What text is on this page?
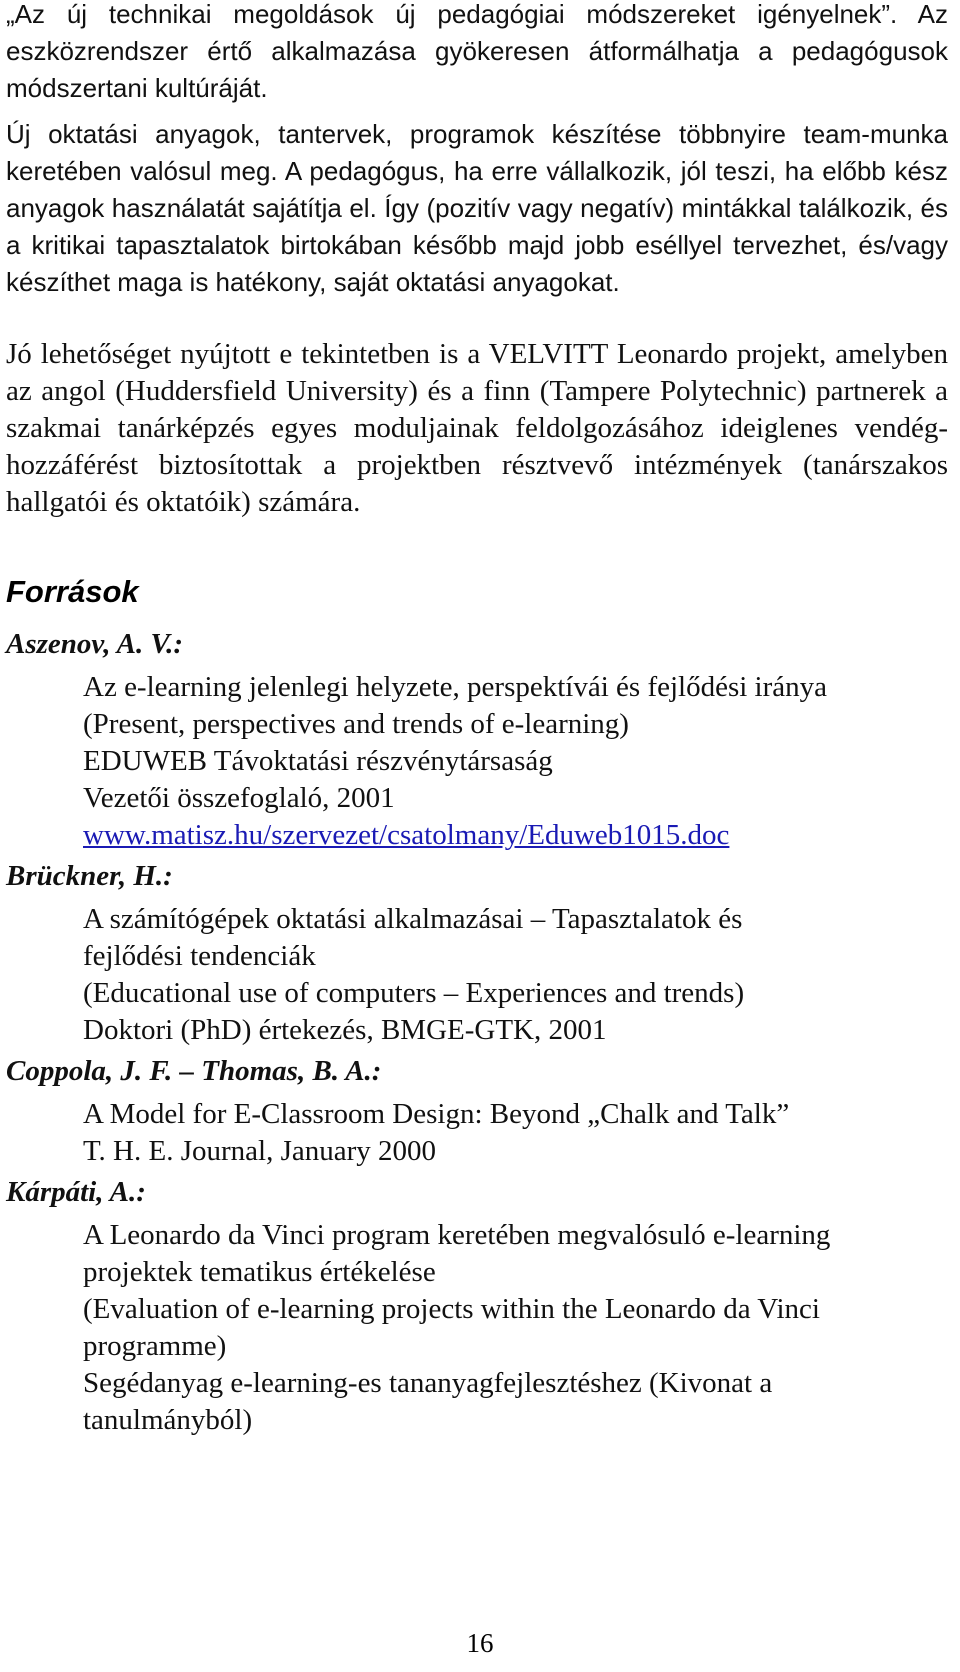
„Az új technikai megoldások új pedagógiai módszereket igényelnek”. Az eszközrendszer értő alkalmazása gyökeresen átformálhatja a pedagógusok módszertani kultúráját.

Új oktatási anyagok, tantervek, programok készítése többnyire team-munka keretében valósul meg. A pedagógus, ha erre vállalkozik, jól teszi, ha előbb kész anyagok használatát sajátítja el. Így (pozitív vagy negatív) mintákkal találkozik, és a kritikai tapasztalatok birtokában később majd jobb eséllyel tervezhet, és/vagy készíthet maga is hatékony, saját oktatási anyagokat.

Jó lehetőséget nyújtott e tekintetben is a VELVITT Leonardo projekt, amelyben az angol (Huddersfield University) és a finn (Tampere Polytechnic) partnerek a szakmai tanárképzés egyes moduljainak feldolgozásához ideiglenes vendég-hozzáférést biztosítottak a projektben résztvevő intézmények (tanárszakos hallgatói és oktatóik) számára.

Források
Aszenov, A. V.:
Az e-learning jelenlegi helyzete, perspektívái és fejlődési iránya
(Present, perspectives and trends of e-learning)
EDUWEB Távoktatási részvénytársaság
Vezetői összefoglaló, 2001
www.matisz.hu/szervezet/csatolmany/Eduweb1015.doc
Brückner, H.:
A számítógépek oktatási alkalmazásai – Tapasztalatok és
fejlődési tendenciák
(Educational use of computers – Experiences and trends)
Doktori (PhD) értekezés, BMGE-GTK, 2001
Coppola, J. F. – Thomas, B. A.:
A Model for E-Classroom Design: Beyond „Chalk and Talk”
T. H. E. Journal, January 2000
Kárpáti, A.:
A Leonardo da Vinci program keretében megvalósuló e-learning
projektek tematikus értékelése
(Evaluation of e-learning projects within the Leonardo da Vinci
programme)
Segédanyag e-learning-es tananyagfejlesztéshez (Kivonat a
tanulmányból)
16
